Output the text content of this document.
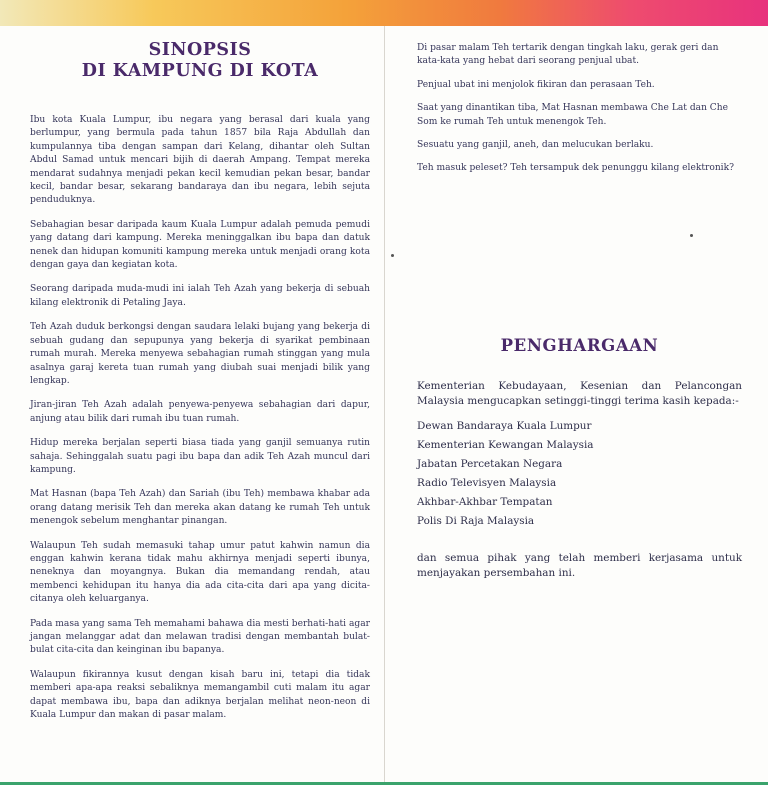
SINOPSIS
DI KAMPUNG DI KOTA

Ibu kota Kuala Lumpur, ibu negara yang berasal dari kuala yang berlumpur, yang bermula pada tahun 1857 bila Raja Abdullah dan kumpulannya tiba dengan sampan dari Kelang, dihantar oleh Sultan Abdul Samad untuk mencari bijih di daerah Ampang. Tempat mereka mendarat sudahnya menjadi pekan kecil kemudian pekan besar, bandar kecil, bandar besar, sekarang bandaraya dan ibu negara, lebih sejuta penduduknya.

Sebahagian besar daripada kaum Kuala Lumpur adalah pemuda pemudi yang datang dari kampung. Mereka meninggalkan ibu bapa dan datuk nenek dan hidupan komuniti kampung mereka untuk menjadi orang kota dengan gaya dan kegiatan kota.

Seorang daripada muda-mudi ini ialah Teh Azah yang bekerja di sebuah kilang elektronik di Petaling Jaya.

Teh Azah duduk berkongsi dengan saudara lelaki bujang yang bekerja di sebuah gudang dan sepupunya yang bekerja di syarikat pembinaan rumah murah. Mereka menyewa sebahagian rumah stinggan yang mula asalnya garaj kereta tuan rumah yang diubah suai menjadi bilik yang lengkap.

Jiran-jiran Teh Azah adalah penyewa-penyewa sebahagian dari dapur, anjung atau bilik dari rumah ibu tuan rumah.

Hidup mereka berjalan seperti biasa tiada yang ganjil semuanya rutin sahaja. Sehinggalah suatu pagi ibu bapa dan adik Teh Azah muncul dari kampung.

Mat Hasnan (bapa Teh Azah) dan Sariah (ibu Teh) membawa khabar ada orang datang merisik Teh dan mereka akan datang ke rumah Teh untuk menengok sebelum menghantar pinangan.

Walaupun Teh sudah memasuki tahap umur patut kahwin namun dia enggan kahwin kerana tidak mahu akhirnya menjadi seperti ibunya, neneknya dan moyangnya. Bukan dia memandang rendah, atau membenci kehidupan itu hanya dia ada cita-cita dari apa yang dicita-citanya oleh keluarganya.

Pada masa yang sama Teh memahami bahawa dia mesti berhati-hati agar jangan melanggar adat dan melawan tradisi dengan membantah bulat-bulat cita-cita dan keinginan ibu bapanya.

Walaupun fikirannya kusut dengan kisah baru ini, tetapi dia tidak memberi apa-apa reaksi sebaliknya memangambil cuti malam itu agar dapat membawa ibu, bapa dan adiknya berjalan melihat neon-neon di Kuala Lumpur dan makan di pasar malam.

Di pasar malam Teh tertarik dengan tingkah laku, gerak geri dan kata-kata yang hebat dari seorang penjual ubat.

Penjual ubat ini menjolok fikiran dan perasaan Teh.

Saat yang dinantikan tiba, Mat Hasnan membawa Che Lat dan Che Som ke rumah Teh untuk menengok Teh.

Sesuatu yang ganjil, aneh, dan melucukan berlaku.

Teh masuk peleset? Teh tersampuk dek penunggu kilang elektronik?

PENGHARGAAN

Kementerian Kebudayaan, Kesenian dan Pelancongan Malaysia mengucapkan setinggi-tinggi terima kasih kepada:-

Dewan Bandaraya Kuala Lumpur
Kementerian Kewangan Malaysia
Jabatan Percetakan Negara
Radio Televisyen Malaysia
Akhbar-Akhbar Tempatan
Polis Di Raja Malaysia

dan semua pihak yang telah memberi kerjasama untuk menjayakan persembahan ini.
